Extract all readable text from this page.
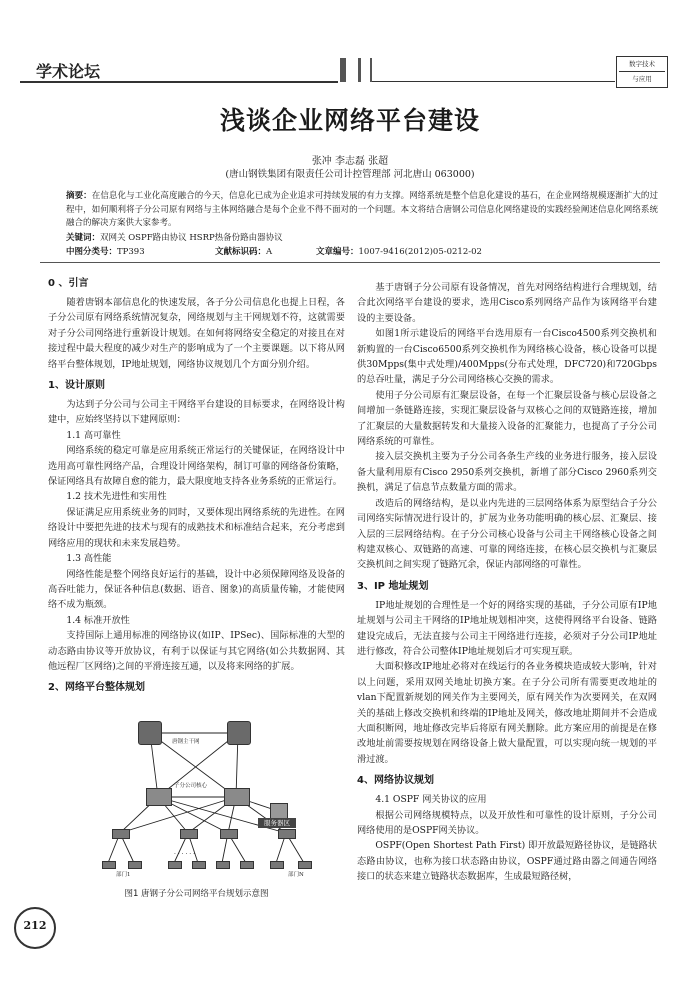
学术论坛	数字技术
与应用
浅谈企业网络平台建设
张冲 李志磊 张超
(唐山钢铁集团有限责任公司计控管理部 河北唐山 063000)
摘要：在信息化与工业化高度融合的今天，信息化已成为企业追求可持续发展的有力支撑。网络系统是整个信息化建设的基石，在企业网络规模逐渐扩大的过程中，如何顺利将子分公司原有网络与主体网络融合是每个企业不得不面对的一个问题。本文将结合唐钢公司信息化网络建设的实践经验阐述信息化网络系统融合的解决方案供大家参考。
关键词：双网关 OSPF路由协议 HSRP热备份路由器协议
中图分类号：TP393	文献标识码：A	文章编号：1007-9416(2012)05-0212-02
0 、引言

随着唐钢本部信息化的快速发展，各子分公司信息化也提上日程，各子分公司原有网络系统情况复杂，网络规划与主干网规划不符，这就需要对子分公司网络进行重新设计规划。在如何将网络安全稳定的对接且在对接过程中最大程度的减少对生产的影响成为了一个主要课题。以下将从网络平台整体规划，IP地址规划，网络协议规划几个方面分别介绍。

1、设计原则

为达到子分公司与公司主干网络平台建设的目标要求，在网络设计构建中，应始终坚持以下建网原则：

1.1 高可靠性

网络系统的稳定可靠是应用系统正常运行的关键保证，在网络设计中选用高可靠性网络产品，合理设计网络架构，制订可靠的网络备份策略，保证网络具有故障自愈的能力，最大限度地支持各业务系统的正常运行。

1.2 技术先进性和实用性

保证满足应用系统业务的同时，又要体现出网络系统的先进性。在网络设计中要把先进的技术与现有的成熟技术和标准结合起来，充分考虑到网络应用的现状和未来发展趋势。

1.3 高性能

网络性能是整个网络良好运行的基础，设计中必须保障网络及设备的高吞吐能力，保证各种信息(数据、语音、图象)的高质量传输，才能使网络不成为瓶颈。

1.4 标准开放性

支持国际上通用标准的网络协议(如IP、IPSec)、国际标准的大型的动态路由协议等开放协议，有利于以保证与其它网络(如公共数据网、其他远程厂区网络)之间的平滑连接互通，以及将来网络的扩展。

2、网络平台整体规划
唐钢主干网
子分公司核心
服务器区
部门1
· · · · · ·
部门N
图1 唐钢子分公司网络平台规划示意图

基于唐钢子分公司原有设备情况，首先对网络结构进行合理规划，结合此次网络平台建设的要求，选用Cisco系列网络产品作为该网络平台建设的主要设备。

如图1所示建设后的网络平台选用原有一台Cisco4500系列交换机和新购置的一台Cisco6500系列交换机作为网络核心设备，核心设备可以提供30Mpps(集中式处理)/400Mpps(分布式处理，DFC720)和720Gbps的总吞吐量，满足子分公司网络核心交换的需求。

使用子分公司原有汇聚层设备，在每一个汇聚层设备与核心层设备之间增加一条链路连接，实现汇聚层设备与双核心之间的双链路连接，增加了汇聚层的大量数据转发和大量接入设备的汇聚能力，也提高了子分公司网络系统的可靠性。

接入层交换机主要为子分公司各条生产线的业务进行服务，接入层设备大量利用原有Cisco 2950系列交换机，新增了部分Cisco 2960系列交换机，满足了信息节点数量方面的需求。

改造后的网络结构，是以业内先进的三层网络体系为原型结合子分公司网络实际情况进行设计的，扩展为业务功能明确的核心层、汇聚层、接入层的三层网络结构。在子分公司核心设备与公司主干网络核心设备之间构建双核心、双链路的高速、可靠的网络连接，在核心层交换机与汇聚层交换机间之间实现了链路冗余，保证内部网络的可靠性。

3、IP 地址规划

IP地址规划的合理性是一个好的网络实现的基础，子分公司原有IP地址规划与公司主干网络的IP地址规划相冲突，这使得网络平台设备、链路建设完成后，无法直接与公司主干网络进行连接，必须对子分公司IP地址进行修改，符合公司整体IP地址规划后才可实现互联。

大面积修改IP地址必将对在线运行的各业务模块造成较大影响，针对以上问题，采用双网关地址切换方案。在子分公司所有需要更改地址的vlan下配置新规划的网关作为主要网关，原有网关作为次要网关，在双网关的基础上修改交换机和终端的IP地址及网关，修改地址期间并不会造成大面积断网，地址修改完毕后将原有网关删除。此方案应用的前提是在修改地址前需要按规划在网络设备上做大量配置，可以实现向统一规划的平滑过渡。

4、网络协议规划

4.1 OSPF 网关协议的应用

根据公司网络规模特点，以及开放性和可靠性的设计原则，子分公司网络使用的是OSPF网关协议。

OSPF(Open Shortest Path First) 即开放最短路径协议，是链路状态路由协议，也称为接口状态路由协议，OSPF通过路由器之间通告网络接口的状态来建立链路状态数据库，生成最短路径树，

212
